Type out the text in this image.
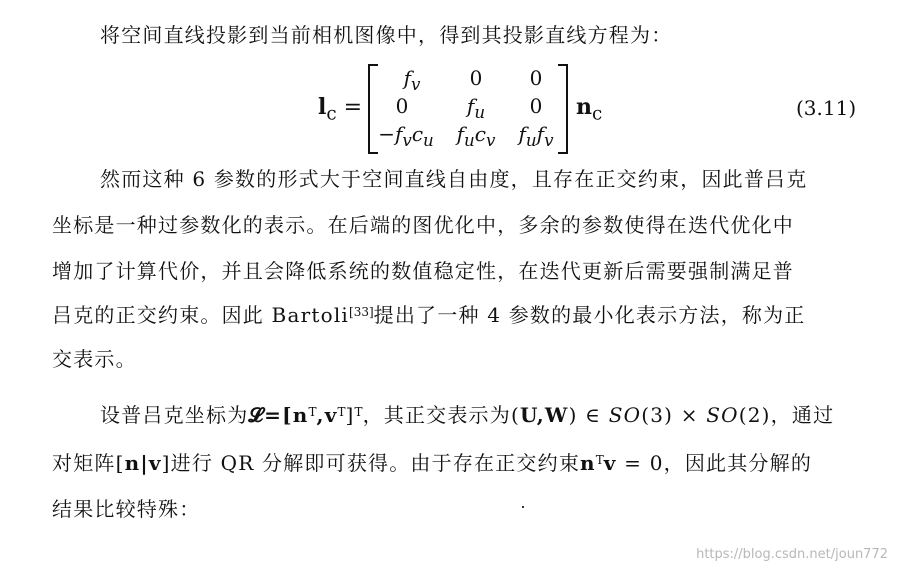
将空间直线投影到当前相机图像中，得到其投影直线方程为：
$l_c$ =
$f_v$	0	0
0	$f_u$	0
$-f_vc_u$	$f_uc_v$	$f_uf_v$
$n_c$	(3.11)
然而这种 6 参数的形式大于空间直线自由度，且存在正交约束，因此普吕克
坐标是一种过参数化的表示。在后端的图优化中，多余的参数使得在迭代优化中
增加了计算代价，并且会降低系统的数值稳定性，在迭代更新后需要强制满足普
吕克的正交约束。因此 Bartoli[33]提出了一种 4 参数的最小化表示方法，称为正
交表示。
设普吕克坐标为$𝓛=[n^T,v^T]^T$，其正交表示为(U,W) ∈ SO(3) × SO(2)，通过
对矩阵[n|v]进行 QR 分解即可获得。由于存在正交约束$n^Tv = 0$，因此其分解的
结果比较特殊：
https://blog.csdn.net/joun772
